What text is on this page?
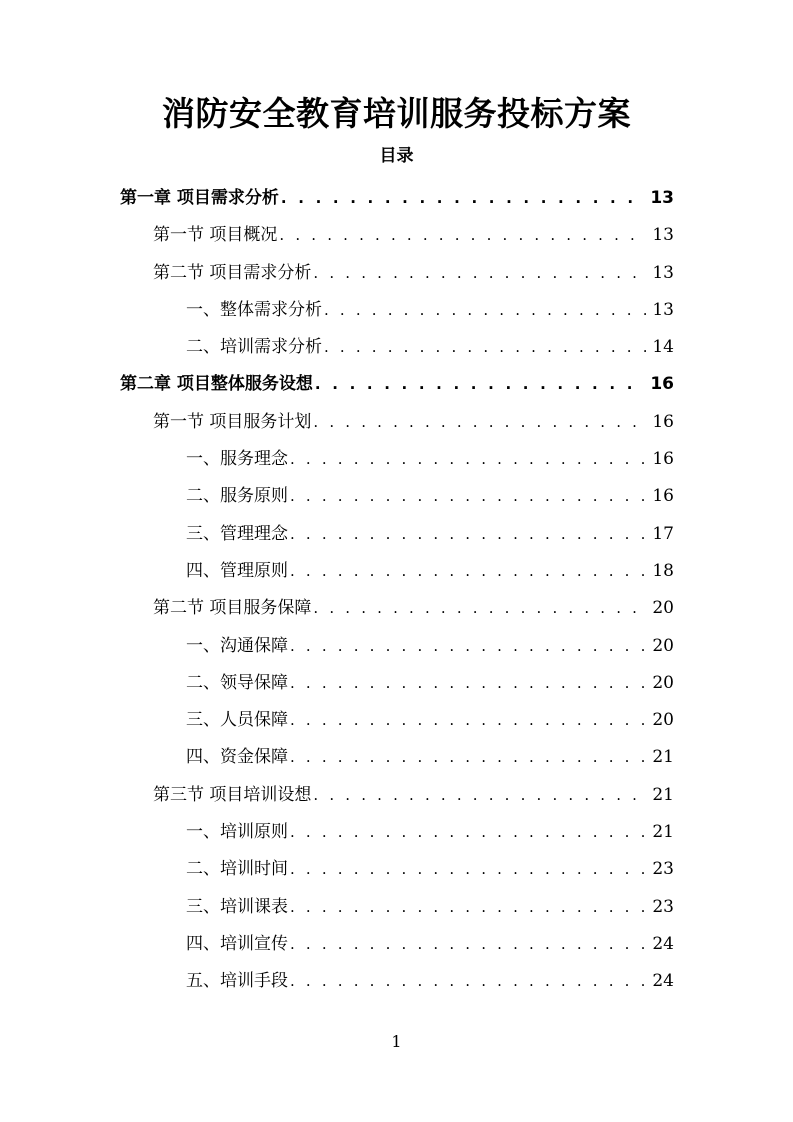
消防安全教育培训服务投标方案
目录
第一章 项目需求分析 . . .	13
第一节 项目概况 . . .	13
第二节 项目需求分析 . . .	13
一、整体需求分析 . . .	13
二、培训需求分析 . . .	14
第二章 项目整体服务设想 . . .	16
第一节 项目服务计划 . . .	16
一、服务理念 . . .	16
二、服务原则 . . .	16
三、管理理念 . . .	17
四、管理原则 . . .	18
第二节 项目服务保障 . . .	20
一、沟通保障 . . .	20
二、领导保障 . . .	20
三、人员保障 . . .	20
四、资金保障 . . .	21
第三节 项目培训设想 . . .	21
一、培训原则 . . .	21
二、培训时间 . . .	23
三、培训课表 . . .	23
四、培训宣传 . . .	24
五、培训手段 . . .	24
1
